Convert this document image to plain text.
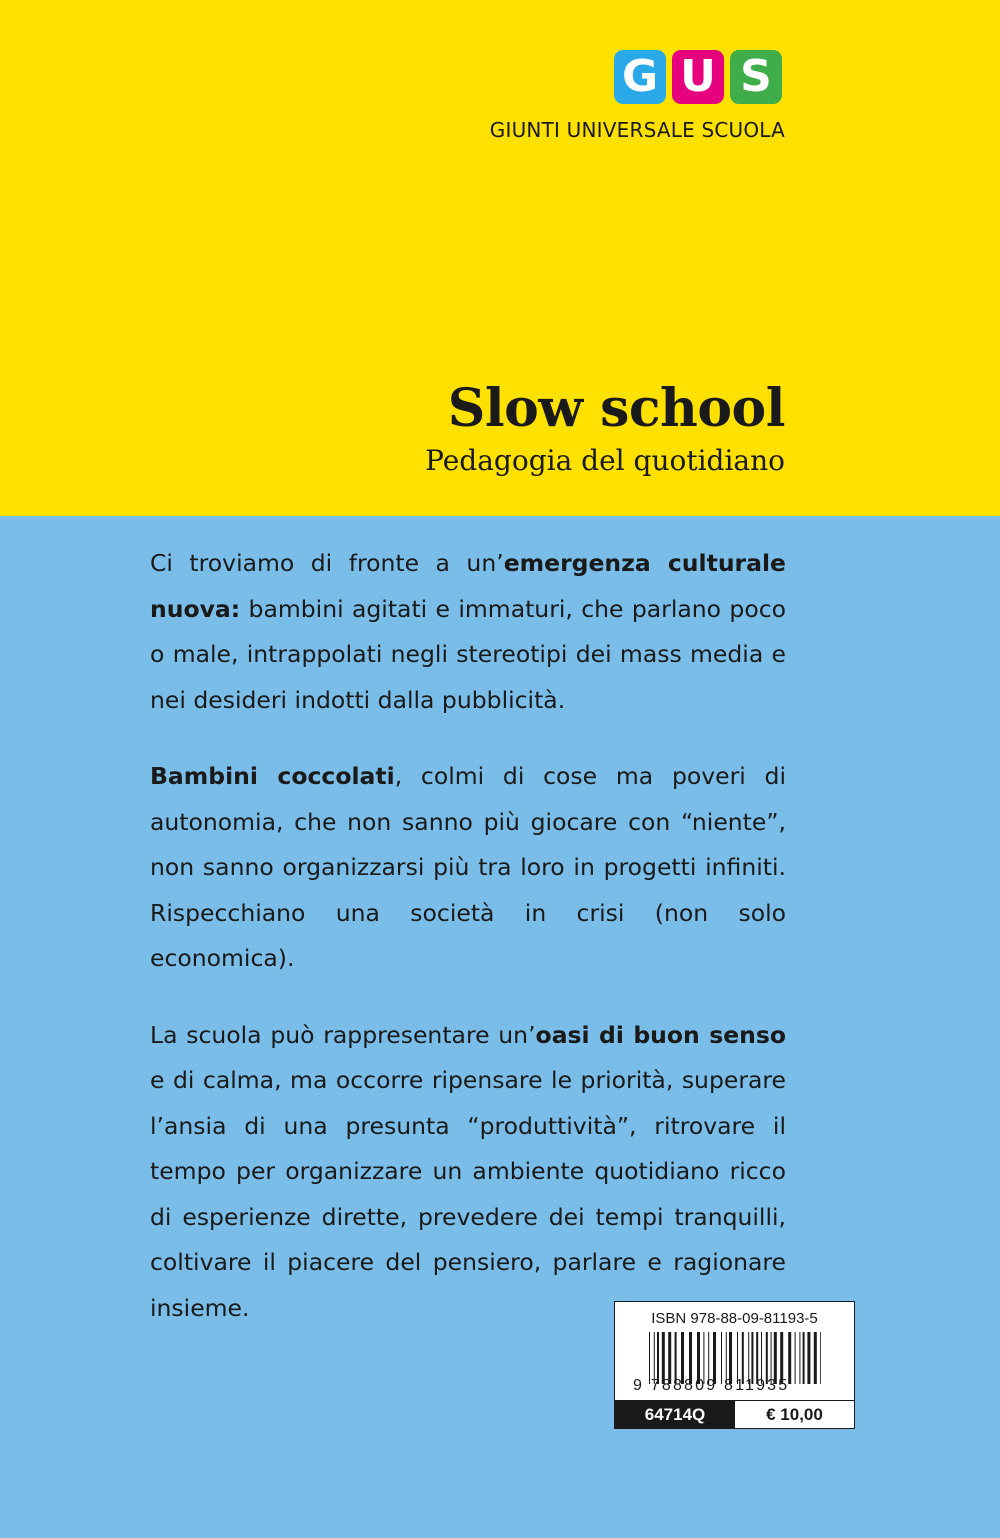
G U S
GIUNTI UNIVERSALE SCUOLA
Slow school
Pedagogia del quotidiano

Ci troviamo di fronte a un’emergenza culturale nuova: bambini agitati e immaturi, che parlano poco o male, intrappolati negli stereotipi dei mass media e nei desideri indotti dalla pubblicità.

Bambini coccolati, colmi di cose ma poveri di autonomia, che non sanno più giocare con “niente”, non sanno organizzarsi più tra loro in progetti infiniti. Rispecchiano una società in crisi (non solo economica).

La scuola può rappresentare un’oasi di buon senso e di calma, ma occorre ripensare le priorità, superare l’ansia di una presunta “produttività”, ritrovare il tempo per organizzare un ambiente quotidiano ricco di esperienze dirette, prevedere dei tempi tranquilli, coltivare il piacere del pensiero, parlare e ragionare insieme.	ISBN 978-88-09-81193-5
9 788809 811935
64714Q	€ 10,00
